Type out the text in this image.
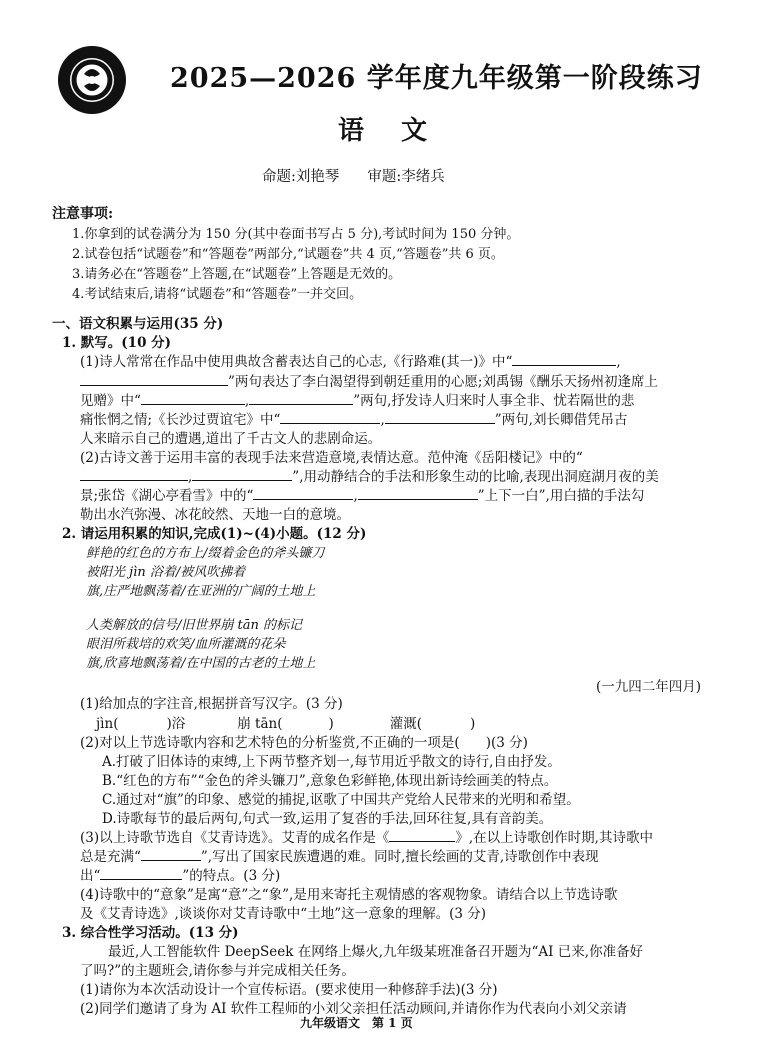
2025—2026 学年度九年级第一阶段练习
语 文
命题:刘艳琴 审题:李绪兵
注意事项:
1.你拿到的试卷满分为 150 分(其中卷面书写占 5 分),考试时间为 150 分钟。
2.试卷包括“试题卷”和“答题卷”两部分,“试题卷”共 4 页,“答题卷”共 6 页。
3.请务必在“答题卷”上答题,在“试题卷”上答题是无效的。
4.考试结束后,请将“试题卷”和“答题卷”一并交回。
一、语文积累与运用(35 分)
1. 默写。(10 分)
(1)诗人常常在作品中使用典故含蓄表达自己的心志,《行路难(其一)》中“	,
”两句表达了李白渴望得到朝廷重用的心愿;刘禹锡《酬乐天扬州初逢席上
见赠》中“	,	”两句,抒发诗人归来时人事全非、忧若隔世的悲
痛怅惘之情;《长沙过贾谊宅》中“	,	”两句,刘长卿借凭吊古
人来暗示自己的遭遇,道出了千古文人的悲剧命运。
(2)古诗文善于运用丰富的表现手法来营造意境,表情达意。范仲淹《岳阳楼记》中的“
,	”,用动静结合的手法和形象生动的比喻,表现出洞庭湖月夜的美
景;张岱《湖心亭看雪》中的“	,	”上下一白”,用白描的手法勾
勒出水汽弥漫、冰花皎然、天地一白的意境。
2. 请运用积累的知识,完成(1)~(4)小题。(12 分)
鲜艳的红色的方布上/缀着金色的斧头镰刀
被阳光 jìn 浴着/被风吹拂着
旗,庄严地飘荡着/在亚洲的广阔的土地上
人类解放的信号/旧世界崩 tān 的标记
眼泪所栽培的欢笑/血所灌溉的花朵
旗,欣喜地飘荡着/在中国的古老的土地上
(一九四二年四月)
(1)给加点的字注音,根据拼音写汉字。(3 分)
jìn(	)浴	崩 tān(	)	灌溉(	)
(2)对以上节选诗歌内容和艺术特色的分析鉴赏,不正确的一项是( )(3 分)
A.打破了旧体诗的束缚,上下两节整齐划一,每节用近乎散文的诗行,自由抒发。
B.“红色的方布”“金色的斧头镰刀”,意象色彩鲜艳,体现出新诗绘画美的特点。
C.通过对“旗”的印象、感觉的捕捉,讴歌了中国共产党给人民带来的光明和希望。
D.诗歌每节的最后两句,句式一致,运用了复沓的手法,回环往复,具有音韵美。
(3)以上诗歌节选自《艾青诗选》。艾青的成名作是《	》,在以上诗歌创作时期,其诗歌中
总是充满“	”,写出了国家民族遭遇的难。同时,擅长绘画的艾青,诗歌创作中表现
出“	”的特点。(3 分)
(4)诗歌中的“意象”是寓“意”之“象”,是用来寄托主观情感的客观物象。请结合以上节选诗歌
及《艾青诗选》,谈谈你对艾青诗歌中“土地”这一意象的理解。(3 分)
3. 综合性学习活动。(13 分)
最近,人工智能软件 DeepSeek 在网络上爆火,九年级某班准备召开题为“AI 已来,你准备好
了吗?”的主题班会,请你参与并完成相关任务。
(1)请你为本次活动设计一个宣传标语。(要求使用一种修辞手法)(3 分)
(2)同学们邀请了身为 AI 软件工程师的小刘父亲担任活动顾问,并请你作为代表向小刘父亲请
九年级语文　第 1 页
